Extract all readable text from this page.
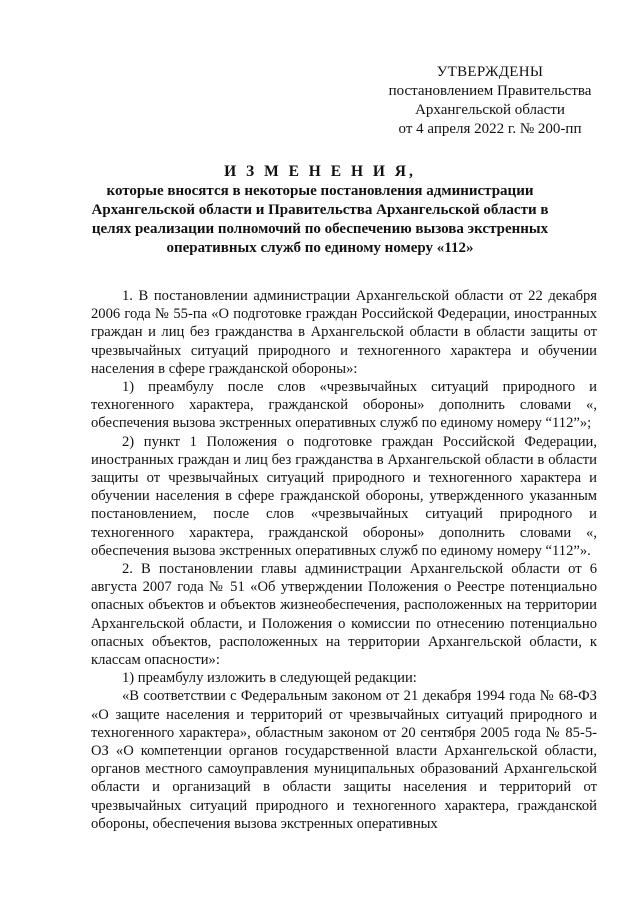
УТВЕРЖДЕНЫ
постановлением Правительства
Архангельской области
от 4 апреля 2022 г. № 200-пп
И З М Е Н Е Н И Я,
которые вносятся в некоторые постановления администрации Архангельской области и Правительства Архангельской области в целях реализации полномочий по обеспечению вызова экстренных оперативных служб по единому номеру «112»

1. В постановлении администрации Архангельской области от 22 декабря 2006 года № 55-па «О подготовке граждан Российской Федерации, иностранных граждан и лиц без гражданства в Архангельской области в области защиты от чрезвычайных ситуаций природного и техногенного характера и обучении населения в сфере гражданской обороны»:

1) преамбулу после слов «чрезвычайных ситуаций природного и техногенного характера, гражданской обороны» дополнить словами «, обеспечения вызова экстренных оперативных служб по единому номеру “112”»;

2) пункт 1 Положения о подготовке граждан Российской Федерации, иностранных граждан и лиц без гражданства в Архангельской области в области защиты от чрезвычайных ситуаций природного и техногенного характера и обучении населения в сфере гражданской обороны, утвержденного указанным постановлением, после слов «чрезвычайных ситуаций природного и техногенного характера, гражданской обороны» дополнить словами «, обеспечения вызова экстренных оперативных служб по единому номеру “112”».

2. В постановлении главы администрации Архангельской области от 6 августа 2007 года № 51 «Об утверждении Положения о Реестре потенциально опасных объектов и объектов жизнеобеспечения, расположенных на территории Архангельской области, и Положения о комиссии по отнесению потенциально опасных объектов, расположенных на территории Архангельской области, к классам опасности»:

1) преамбулу изложить в следующей редакции:

«В соответствии с Федеральным законом от 21 декабря 1994 года № 68-ФЗ «О защите населения и территорий от чрезвычайных ситуаций природного и техногенного характера», областным законом от 20 сентября 2005 года № 85-5-ОЗ «О компетенции органов государственной власти Архангельской области, органов местного самоуправления муниципальных образований Архангельской области и организаций в области защиты населения и территорий от чрезвычайных ситуаций природного и техногенного характера, гражданской обороны, обеспечения вызова экстренных оперативных
